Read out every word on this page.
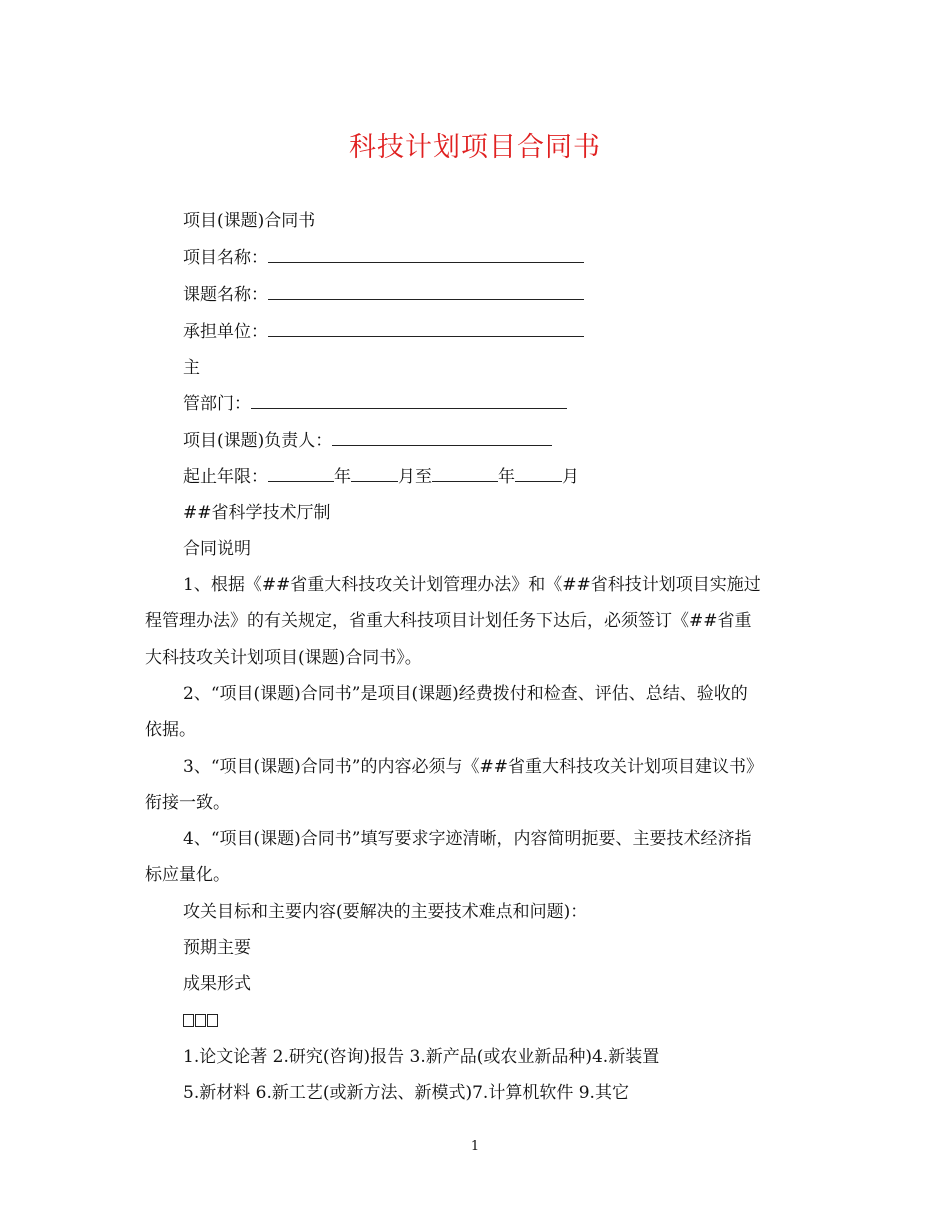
科技计划项目合同书
项目(课题)合同书
项目名称：
课题名称：
承担单位：
主
管部门：
项目(课题)负责人：
起止年限：	年	月至	年	月
##省科学技术厅制
合同说明
1、根据《##省重大科技攻关计划管理办法》和《##省科技计划项目实施过
程管理办法》的有关规定，省重大科技项目计划任务下达后，必须签订《##省重
大科技攻关计划项目(课题)合同书》。
2、“项目(课题)合同书”是项目(课题)经费拨付和检查、评估、总结、验收的
依据。
3、“项目(课题)合同书”的内容必须与《##省重大科技攻关计划项目建议书》
衔接一致。
4、“项目(课题)合同书”填写要求字迹清晰，内容简明扼要、主要技术经济指
标应量化。
攻关目标和主要内容(要解决的主要技术难点和问题)：
预期主要
成果形式
1.论文论著 2.研究(咨询)报告 3.新产品(或农业新品种)4.新装置
5.新材料 6.新工艺(或新方法、新模式)7.计算机软件 9.其它
1
